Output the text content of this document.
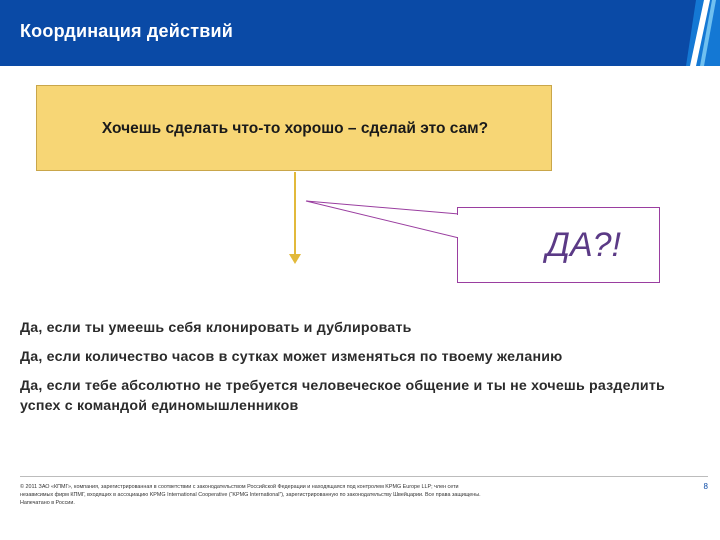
Координация действий
Хочешь сделать что-то хорошо – сделай это сам?
ДА?!
Да, если ты умеешь себя клонировать и дублировать
Да, если количество часов в сутках может изменяться по твоему желанию
Да, если тебе абсолютно не требуется человеческое общение и ты не хочешь разделить успех с командой единомышленников
© 2011 ЗАО «КПМГ», компания, зарегистрированная в соответствии с законодательством Российской Федерации и находящаяся под контролем KPMG Europe LLP; член сети независимых фирм КПМГ, входящих в ассоциацию KPMG International Cooperative (“KPMG International”), зарегистрированную по законодательству Швейцарии. Все права защищены. Напечатано в России.
8
